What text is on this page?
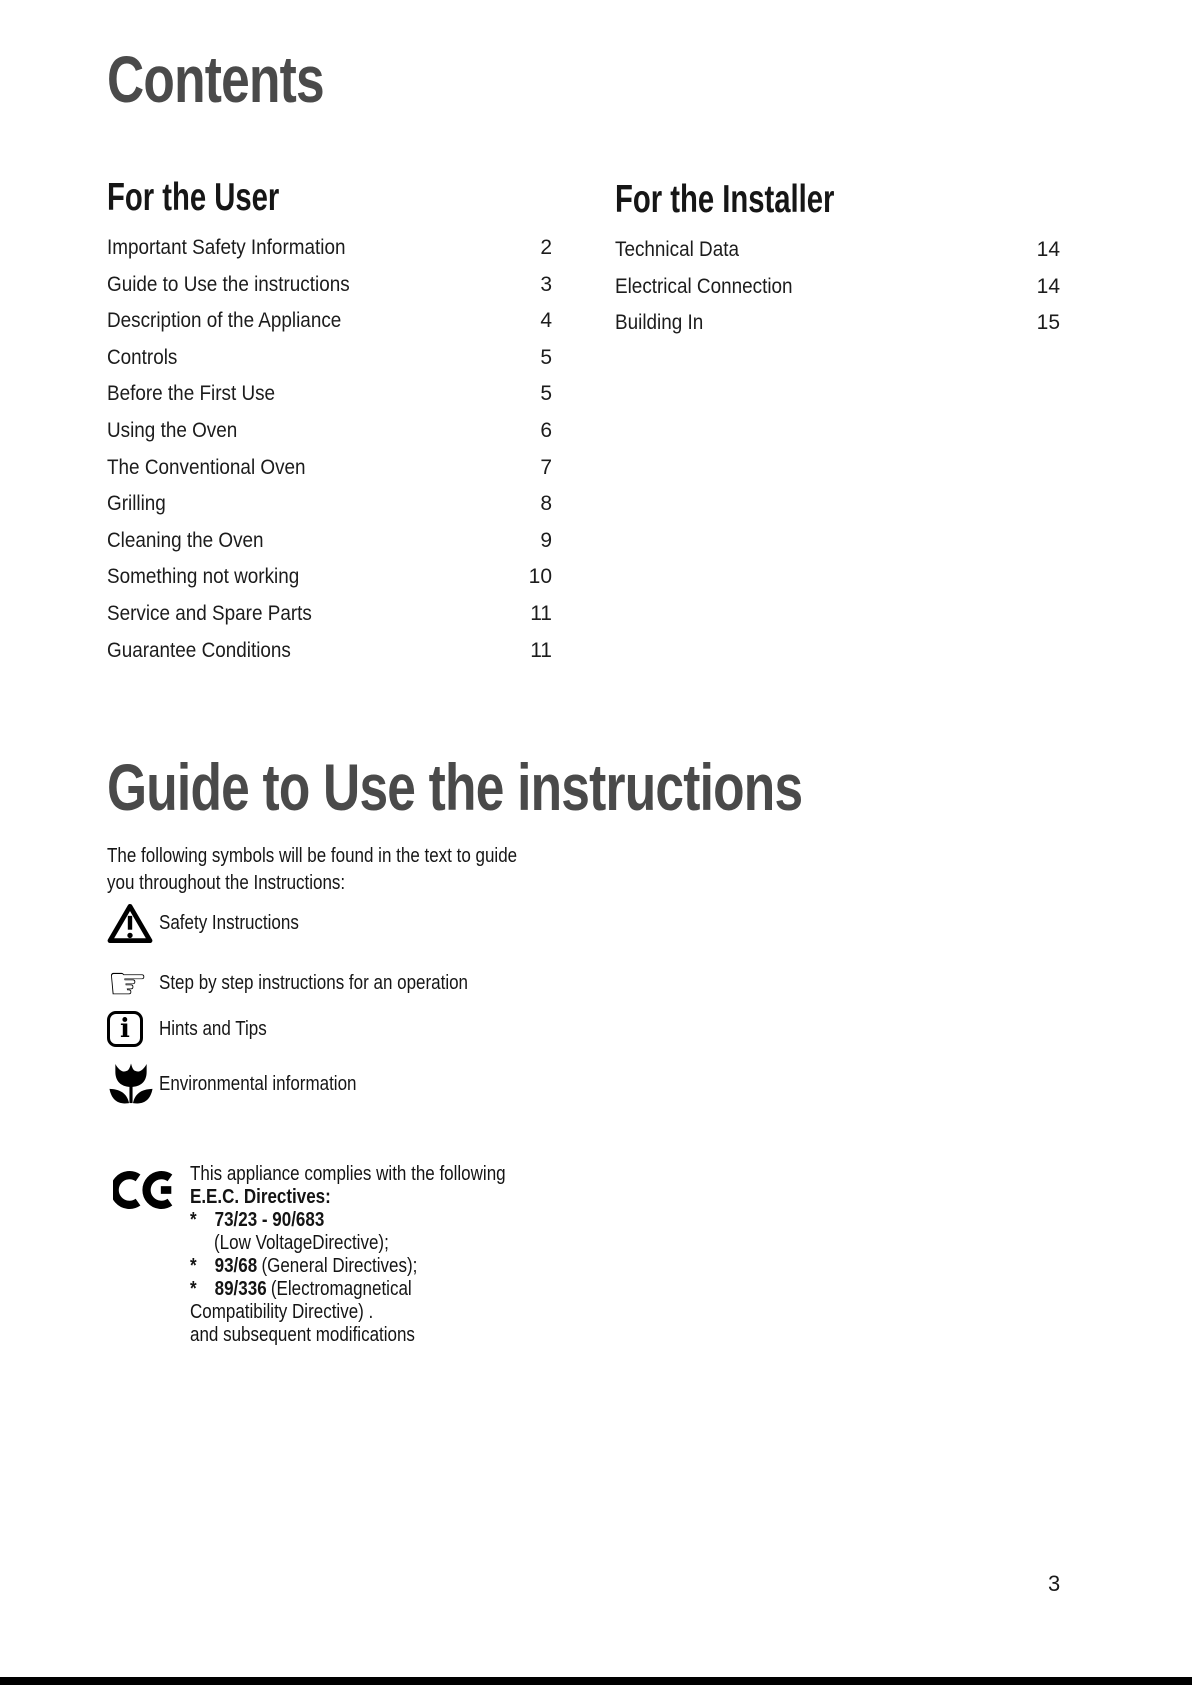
Contents
For the User
Important Safety Information	2
Guide to Use the instructions	3
Description of the Appliance	4
Controls	5
Before the First Use	5
Using the Oven	6
The Conventional Oven	7
Grilling	8
Cleaning the Oven	9
Something not working	10
Service and Spare Parts	11
Guarantee Conditions	11
For the Installer
Technical Data	14
Electrical Connection	14
Building In	15
Guide to Use the instructions
The following symbols will be found in the text to guide
you throughout the Instructions:
Safety Instructions
☞ Step by step instructions for an operation
i Hints and Tips
Environmental information
This appliance complies with the following
E.E.C. Directives:
* 73/23 - 90/683
(Low VoltageDirective);
* 93/68 (General Directives);
* 89/336 (Electromagnetical
Compatibility Directive) .
and subsequent modifications
3
